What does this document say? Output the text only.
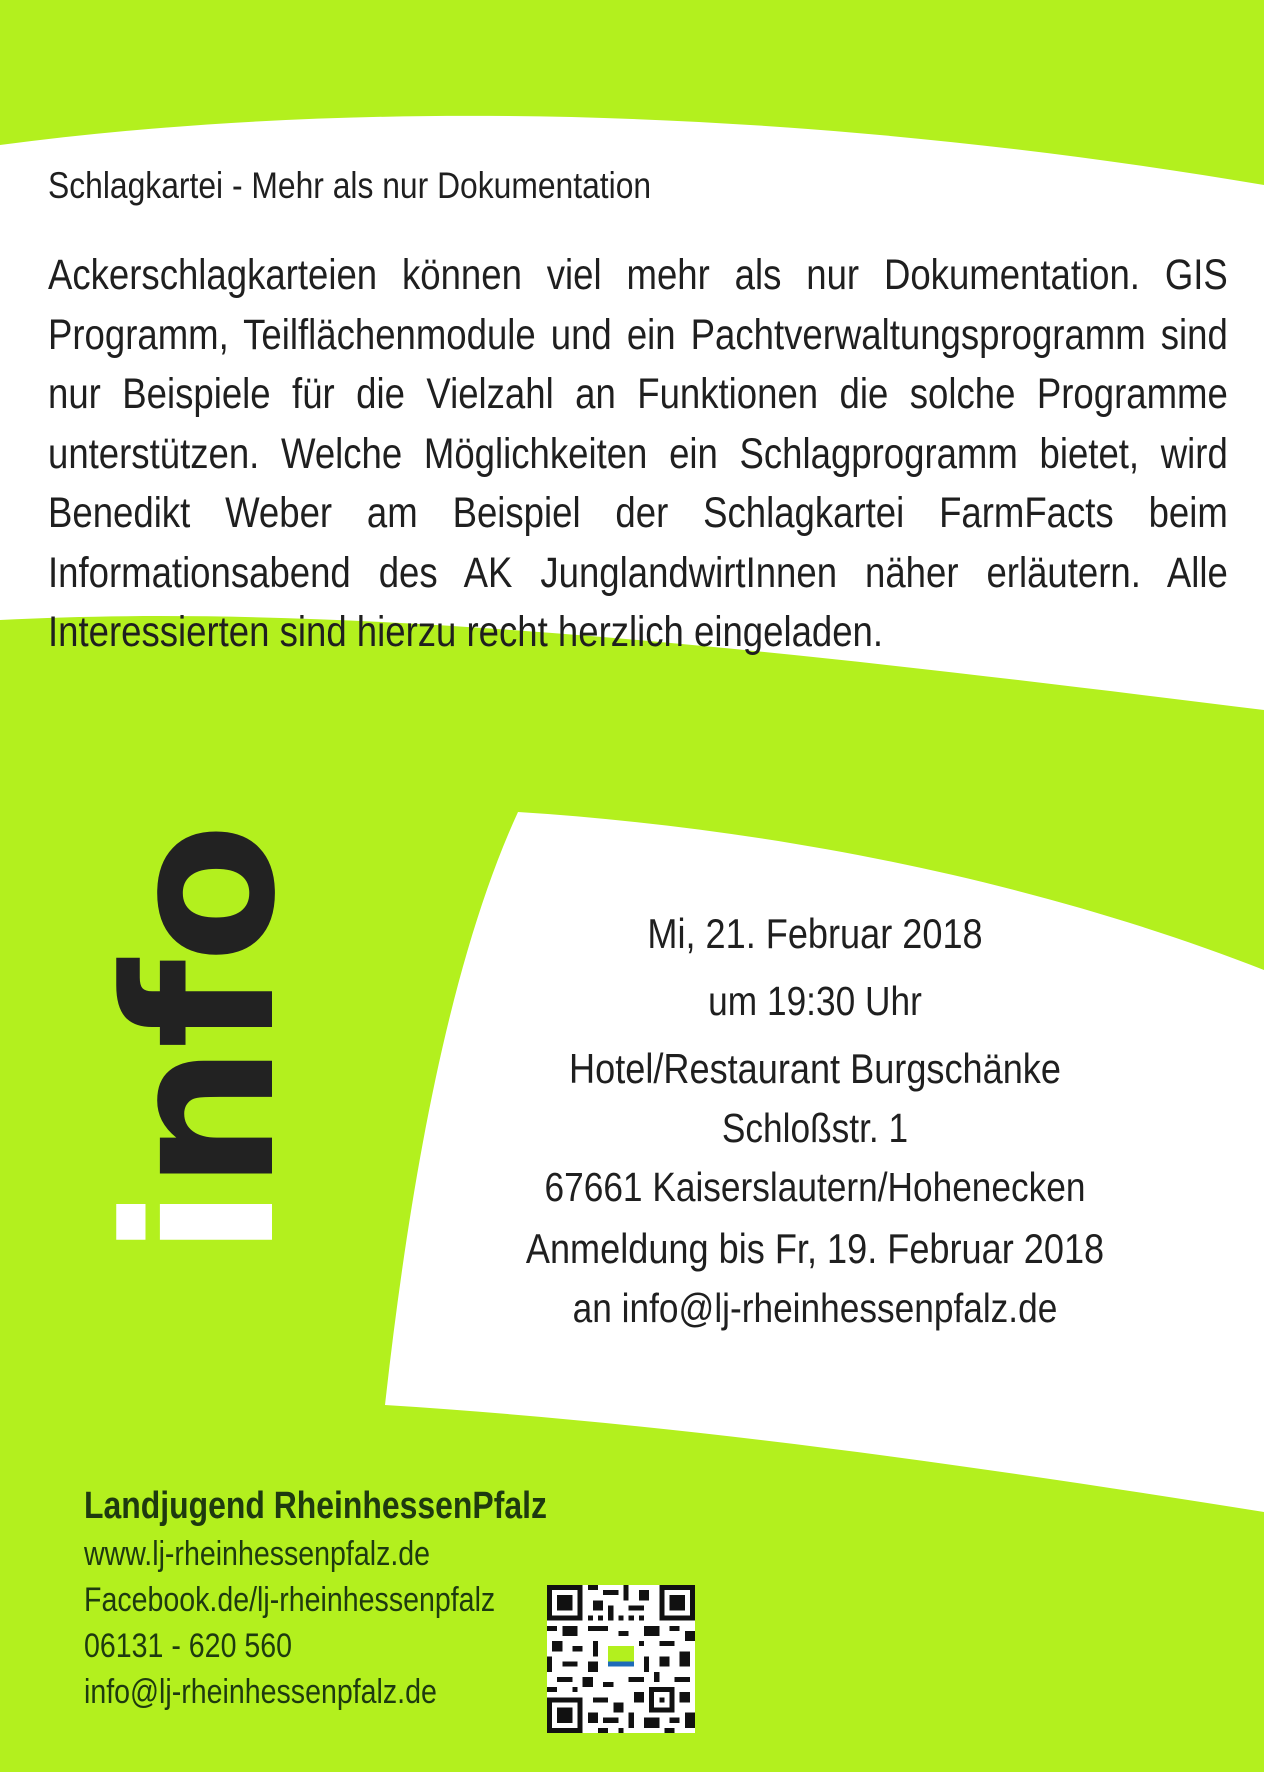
Schlagkartei - Mehr als nur Dokumentation
Ackerschlagkarteien können viel mehr als nur Dokumentation. GIS Programm, Teilflächenmodule und ein Pachtverwaltungsprogramm sind nur Beispiele für die Vielzahl an Funktionen die solche Programme unterstützen. Welche Möglichkeiten ein Schlagprogramm bietet, wird Benedikt Weber am Beispiel der Schlagkartei FarmFacts beim Informationsabend des AK JunglandwirtInnen näher erläutern. Alle Interessierten sind hierzu recht herzlich eingeladen.
info	Mi, 21. Februar 2018
um 19:30 Uhr
Hotel/Restaurant Burgschänke
Schloßstr. 1
67661 Kaiserslautern/Hohenecken
Anmeldung bis Fr, 19. Februar 2018
an info@lj-rheinhessenpfalz.de
Landjugend RheinhessenPfalz
www.lj-rheinhessenpfalz.de
Facebook.de/lj-rheinhessenpfalz
06131 - 620 560
info@lj-rheinhessenpfalz.de
